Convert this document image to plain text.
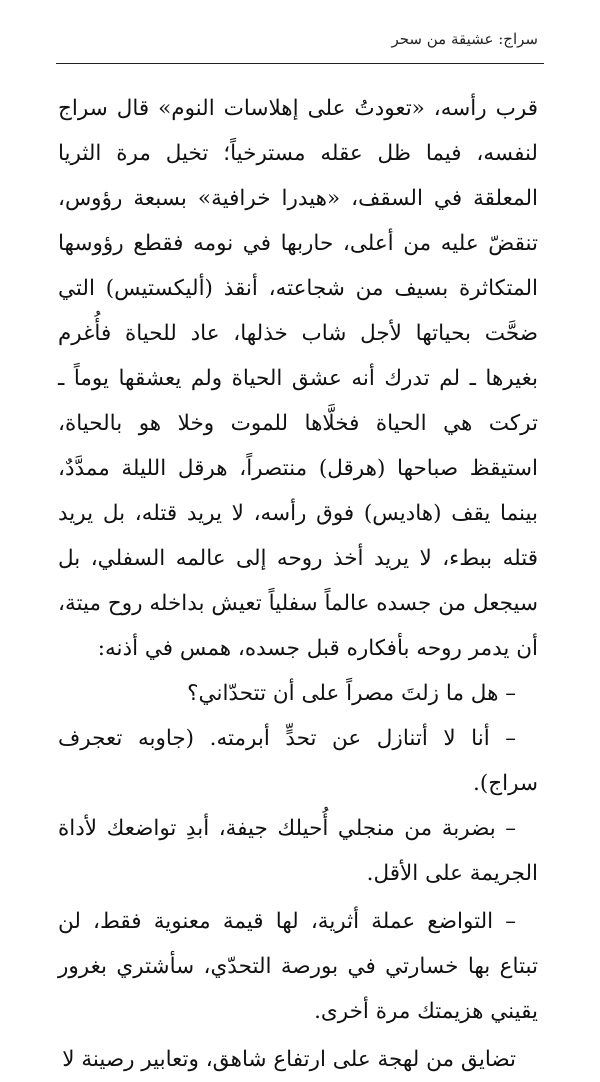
سراج: عشيقة من سحر

قرب رأسه، «تعودتُ على إهلاسات النوم» قال سراج لنفسه، فيما ظل عقله مسترخياً؛ تخيل مرة الثريا المعلقة في السقف، «هيدرا خرافية» بسبعة رؤوس، تنقضّ عليه من أعلى، حاربها في نومه فقطع رؤوسها المتكاثرة بسيف من شجاعته، أنقذ (أليكستيس) التي ضحَّت بحياتها لأجل شاب خذلها، عاد للحياة فأُغرم بغيرها ـ لم تدرك أنه عشق الحياة ولم يعشقها يوماً ـ تركت هي الحياة فخلَّاها للموت وخلا هو بالحياة، استيقظ صباحها (هرقل) منتصراً، هرقل الليلة ممدَّدٌ، بينما يقف (هاديس) فوق رأسه، لا يريد قتله، بل يريد قتله ببطء، لا يريد أخذ روحه إلى عالمه السفلي، بل سيجعل من جسده عالماً سفلياً تعيش بداخله روح ميتة، أن يدمر روحه بأفكاره قبل جسده، همس في أذنه:

– هل ما زلتَ مصراً على أن تتحدّاني؟

– أنا لا أتنازل عن تحدٍّ أبرمته. (جاوبه تعجرف سراج).

– بضربة من منجلي أُحيلك جيفة، أبدِ تواضعك لأداة الجريمة على الأقل.

– التواضع عملة أثرية، لها قيمة معنوية فقط، لن تبتاع بها خسارتي في بورصة التحدّي، سأشتري بغرور يقيني هزيمتك مرة أخرى.

تضايق من لهجة على ارتفاع شاهق، وتعابير رصينة لا
